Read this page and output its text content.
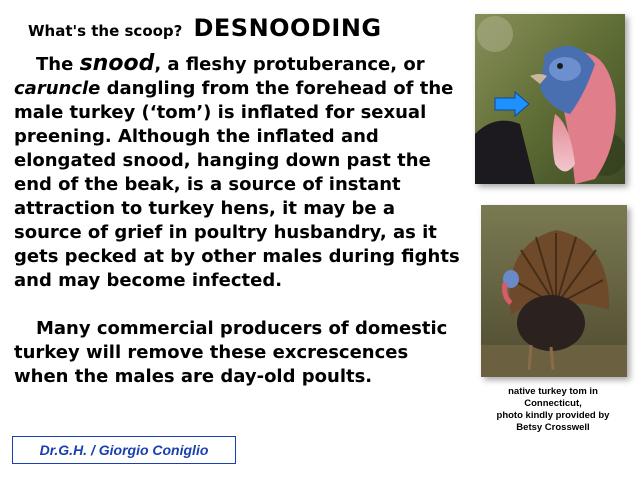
What's the scoop? DESNOODING

The snood, a fleshy protuberance, or caruncle dangling from the forehead of the male turkey (‘tom’) is inflated for sexual preening. Although the inflated and elongated snood, hanging down past the end of the beak, is a source of instant attraction to turkey hens, it may be a source of grief in poultry husbandry, as it gets pecked at by other males during fights and may become infected.

Many commercial producers of domestic turkey will remove these excrescences when the males are day-old poults.

Dr.G.H. / Giorgio Coniglio
native turkey tom in
Connecticut,
photo kindly provided by
Betsy Crosswell
